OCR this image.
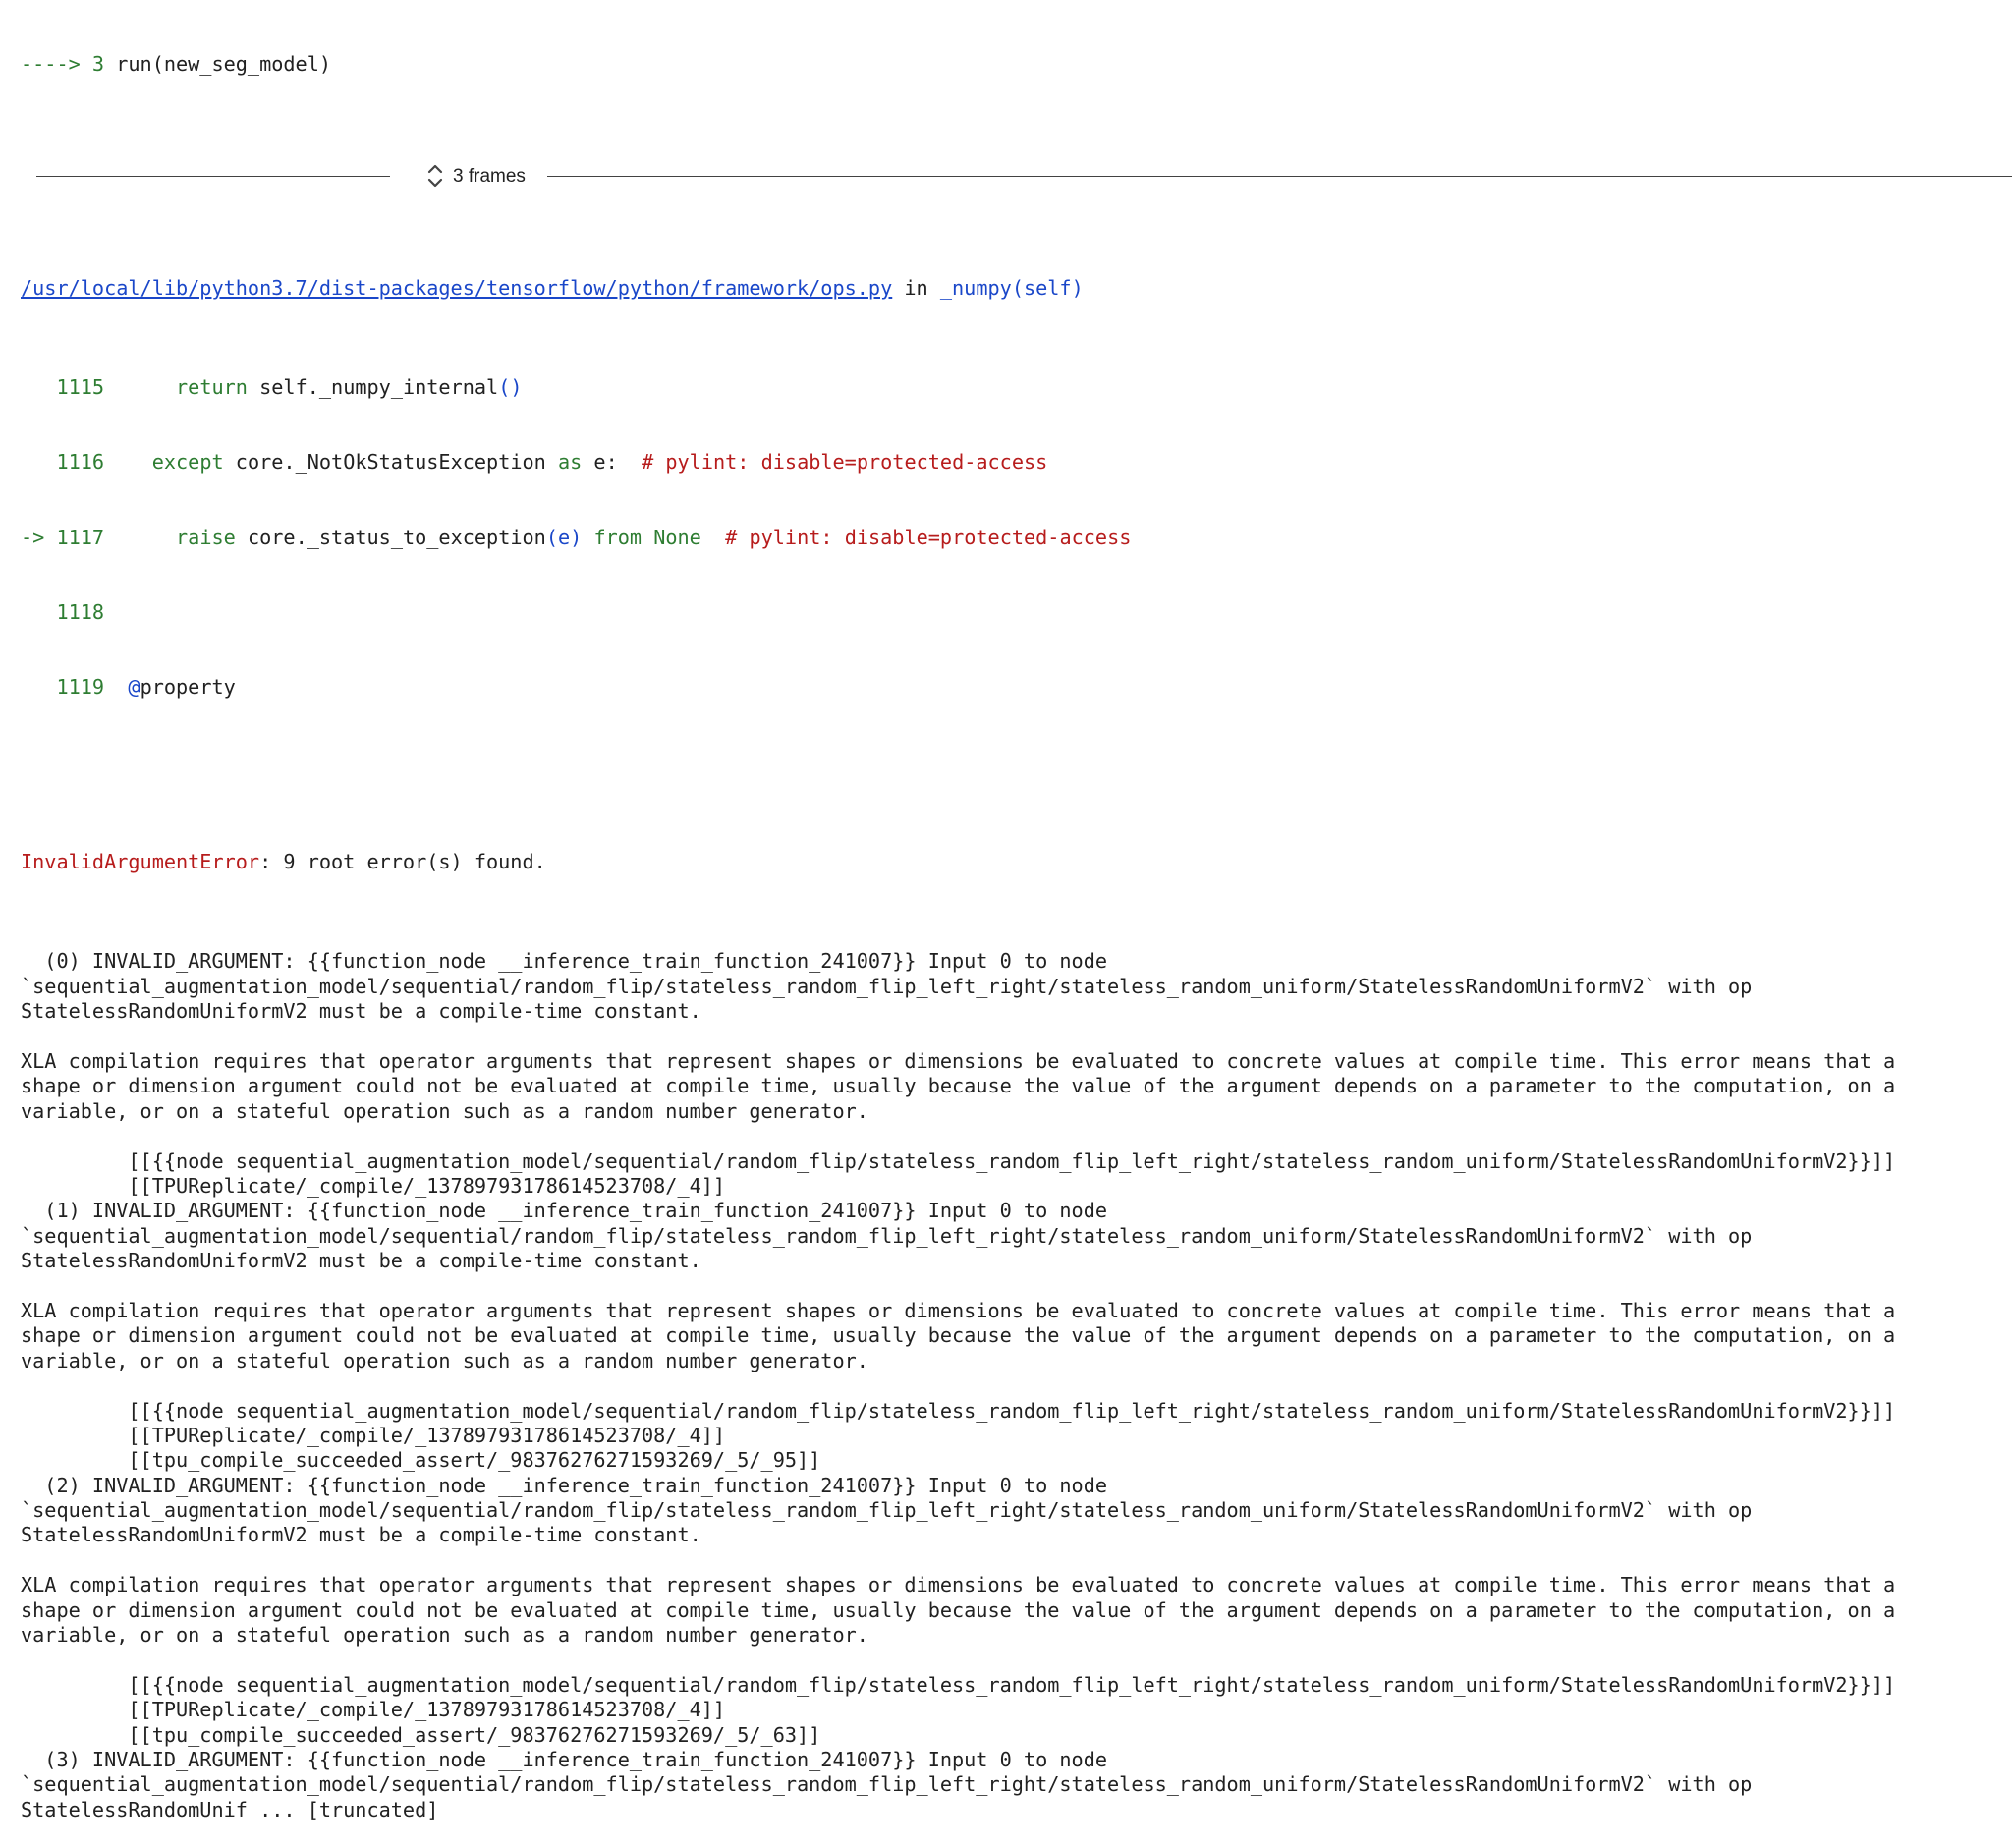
----> 3 run(new_seg_model)

3 frames

/usr/local/lib/python3.7/dist-packages/tensorflow/python/framework/ops.py in _numpy(self)

1115	return self._numpy_internal()

1116 except core._NotOkStatusException as e:  # pylint: disable=protected-access

-> 1117	raise core._status_to_exception(e) from None  # pylint: disable=protected-access

1118

1119 @property

InvalidArgumentError: 9 root error(s) found.

(0) INVALID_ARGUMENT: {{function_node __inference_train_function_241007}} Input 0 to node
`sequential_augmentation_model/sequential/random_flip/stateless_random_flip_left_right/stateless_random_uniform/StatelessRandomUniformV2` with op
StatelessRandomUniformV2 must be a compile-time constant.
XLA compilation requires that operator arguments that represent shapes or dimensions be evaluated to concrete values at compile time. This error means that a
shape or dimension argument could not be evaluated at compile time, usually because the value of the argument depends on a parameter to the computation, on a
variable, or on a stateful operation such as a random number generator.
[[{{node sequential_augmentation_model/sequential/random_flip/stateless_random_flip_left_right/stateless_random_uniform/StatelessRandomUniformV2}}]]
[[TPUReplicate/_compile/_13789793178614523708/_4]]
(1) INVALID_ARGUMENT: {{function_node __inference_train_function_241007}} Input 0 to node
`sequential_augmentation_model/sequential/random_flip/stateless_random_flip_left_right/stateless_random_uniform/StatelessRandomUniformV2` with op
StatelessRandomUniformV2 must be a compile-time constant.
XLA compilation requires that operator arguments that represent shapes or dimensions be evaluated to concrete values at compile time. This error means that a
shape or dimension argument could not be evaluated at compile time, usually because the value of the argument depends on a parameter to the computation, on a
variable, or on a stateful operation such as a random number generator.
[[{{node sequential_augmentation_model/sequential/random_flip/stateless_random_flip_left_right/stateless_random_uniform/StatelessRandomUniformV2}}]]
[[TPUReplicate/_compile/_13789793178614523708/_4]]
[[tpu_compile_succeeded_assert/_98376276271593269/_5/_95]]
(2) INVALID_ARGUMENT: {{function_node __inference_train_function_241007}} Input 0 to node
`sequential_augmentation_model/sequential/random_flip/stateless_random_flip_left_right/stateless_random_uniform/StatelessRandomUniformV2` with op
StatelessRandomUniformV2 must be a compile-time constant.
XLA compilation requires that operator arguments that represent shapes or dimensions be evaluated to concrete values at compile time. This error means that a
shape or dimension argument could not be evaluated at compile time, usually because the value of the argument depends on a parameter to the computation, on a
variable, or on a stateful operation such as a random number generator.
[[{{node sequential_augmentation_model/sequential/random_flip/stateless_random_flip_left_right/stateless_random_uniform/StatelessRandomUniformV2}}]]
[[TPUReplicate/_compile/_13789793178614523708/_4]]
[[tpu_compile_succeeded_assert/_98376276271593269/_5/_63]]
(3) INVALID_ARGUMENT: {{function_node __inference_train_function_241007}} Input 0 to node
`sequential_augmentation_model/sequential/random_flip/stateless_random_flip_left_right/stateless_random_uniform/StatelessRandomUniformV2` with op
StatelessRandomUnif ... [truncated]
